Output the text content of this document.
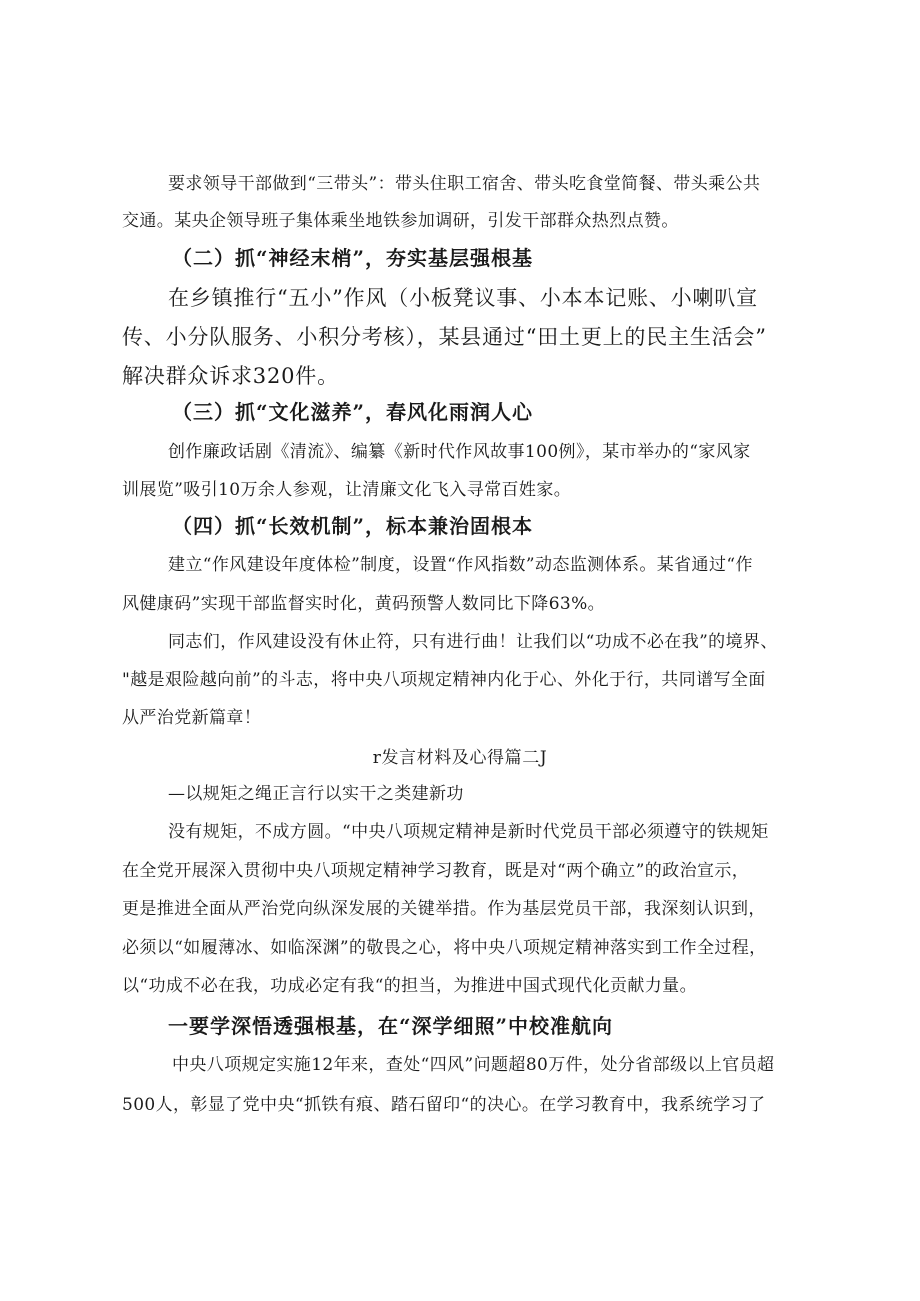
要求领导干部做到“三带头”：带头住职工宿舍、带头吃食堂简餐、带头乘公共
交通。某央企领导班子集体乘坐地铁参加调研，引发干部群众热烈点赞。
（二）抓“神经末梢”，夯实基层强根基
在乡镇推行“五小”作风（小板凳议事、小本本记账、小喇叭宣
传、小分队服务、小积分考核），某县通过“田土更上的民主生活会”
解决群众诉求320件。
（三）抓“文化滋养”，春风化雨润人心
创作廉政话剧《清流》、编纂《新时代作风故事100例》，某市举办的“家风家
训展览”吸引10万余人参观，让清廉文化飞入寻常百姓家。
（四）抓“长效机制”，标本兼治固根本
建立“作风建设年度体检”制度，设置“作风指数”动态监测体系。某省通过“作
风健康码”实现干部监督实时化，黄码预警人数同比下降63%。
同志们，作风建设没有休止符，只有进行曲！让我们以“功成不必在我”的境界、
"越是艰险越向前”的斗志，将中央八项规定精神内化于心、外化于行，共同谱写全面
从严治党新篇章！
r发言材料及心得篇二J
—以规矩之绳正言行以实干之类建新功
没有规矩，不成方圆。“中央八项规定精神是新时代党员干部必须遵守的铁规矩
在全党开展深入贯彻中央八项规定精神学习教育，既是对“两个确立”的政治宣示，
更是推进全面从严治党向纵深发展的关键举措。作为基层党员干部，我深刻认识到，
必须以“如履薄冰、如临深渊”的敬畏之心，将中央八项规定精神落实到工作全过程，
以“功成不必在我，功成必定有我“的担当，为推进中国式现代化贡献力量。
一要学深悟透强根基，在“深学细照”中校准航向
中央八项规定实施12年来，查处“四风”问题超80万件，处分省部级以上官员超
500人，彰显了党中央“抓铁有痕、踏石留印“的决心。在学习教育中，我系统学习了
